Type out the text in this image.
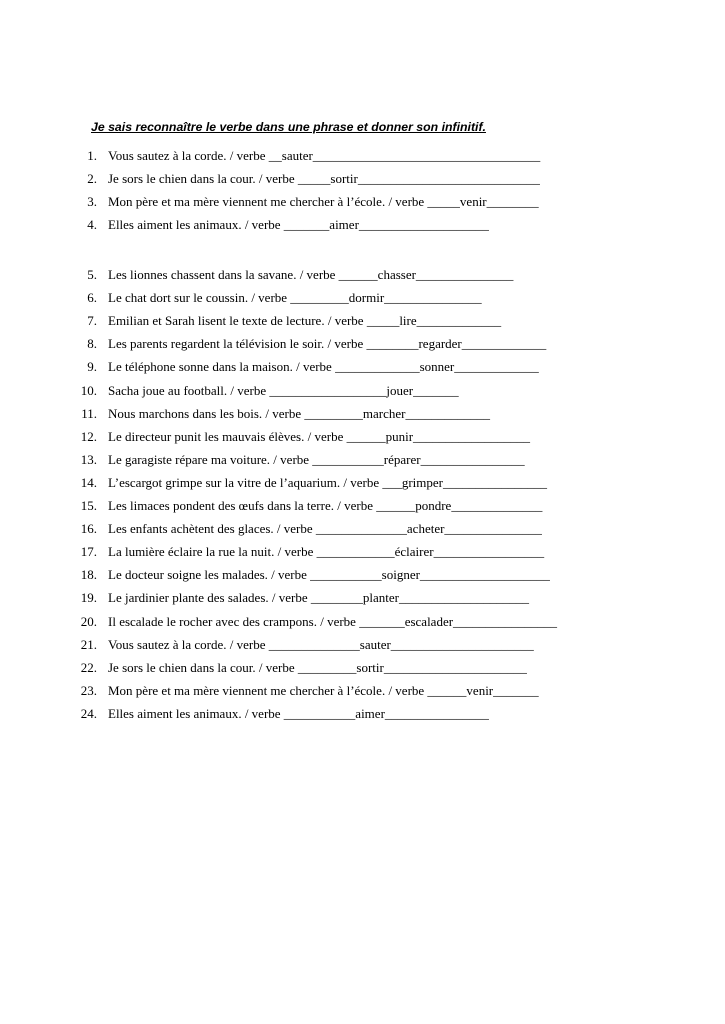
Je sais reconnaître le verbe dans une phrase et donner son infinitif.
1. Vous sautez à la corde. / verbe __sauter___________________________________
2. Je sors le chien dans la cour. / verbe _____sortir____________________________
3. Mon père et ma mère viennent me chercher à l’école. / verbe _____venir________
4. Elles aiment les animaux. / verbe _______aimer____________________
5. Les lionnes chassent dans la savane. / verbe ______chasser_______________
6. Le chat dort sur le coussin. / verbe _________dormir_______________
7. Emilian et Sarah lisent le texte de lecture. / verbe _____lire_____________
8. Les parents regardent la télévision le soir. / verbe ________regarder_____________
9. Le téléphone sonne dans la maison. / verbe _____________sonner_____________
10. Sacha joue au football. / verbe __________________jouer_______
11. Nous marchons dans les bois. / verbe _________marcher_____________
12. Le directeur punit les mauvais élèves. / verbe ______punir__________________
13. Le garagiste répare ma voiture. / verbe ___________réparer________________
14. L’escargot grimpe sur la vitre de l’aquarium. / verbe ___grimper________________
15. Les limaces pondent des œufs dans la terre. / verbe ______pondre______________
16. Les enfants achètent des glaces. / verbe ______________acheter_______________
17. La lumière éclaire la rue la nuit. / verbe ____________éclairer_________________
18. Le docteur soigne les malades. / verbe ___________soigner____________________
19. Le jardinier plante des salades. / verbe ________planter____________________
20. Il escalade le rocher avec des crampons. / verbe _______escalader________________
21. Vous sautez à la corde. / verbe ______________sauter______________________
22. Je sors le chien dans la cour. / verbe _________sortir______________________
23. Mon père et ma mère viennent me chercher à l’école. / verbe ______venir_______
24. Elles aiment les animaux. / verbe ___________aimer________________
